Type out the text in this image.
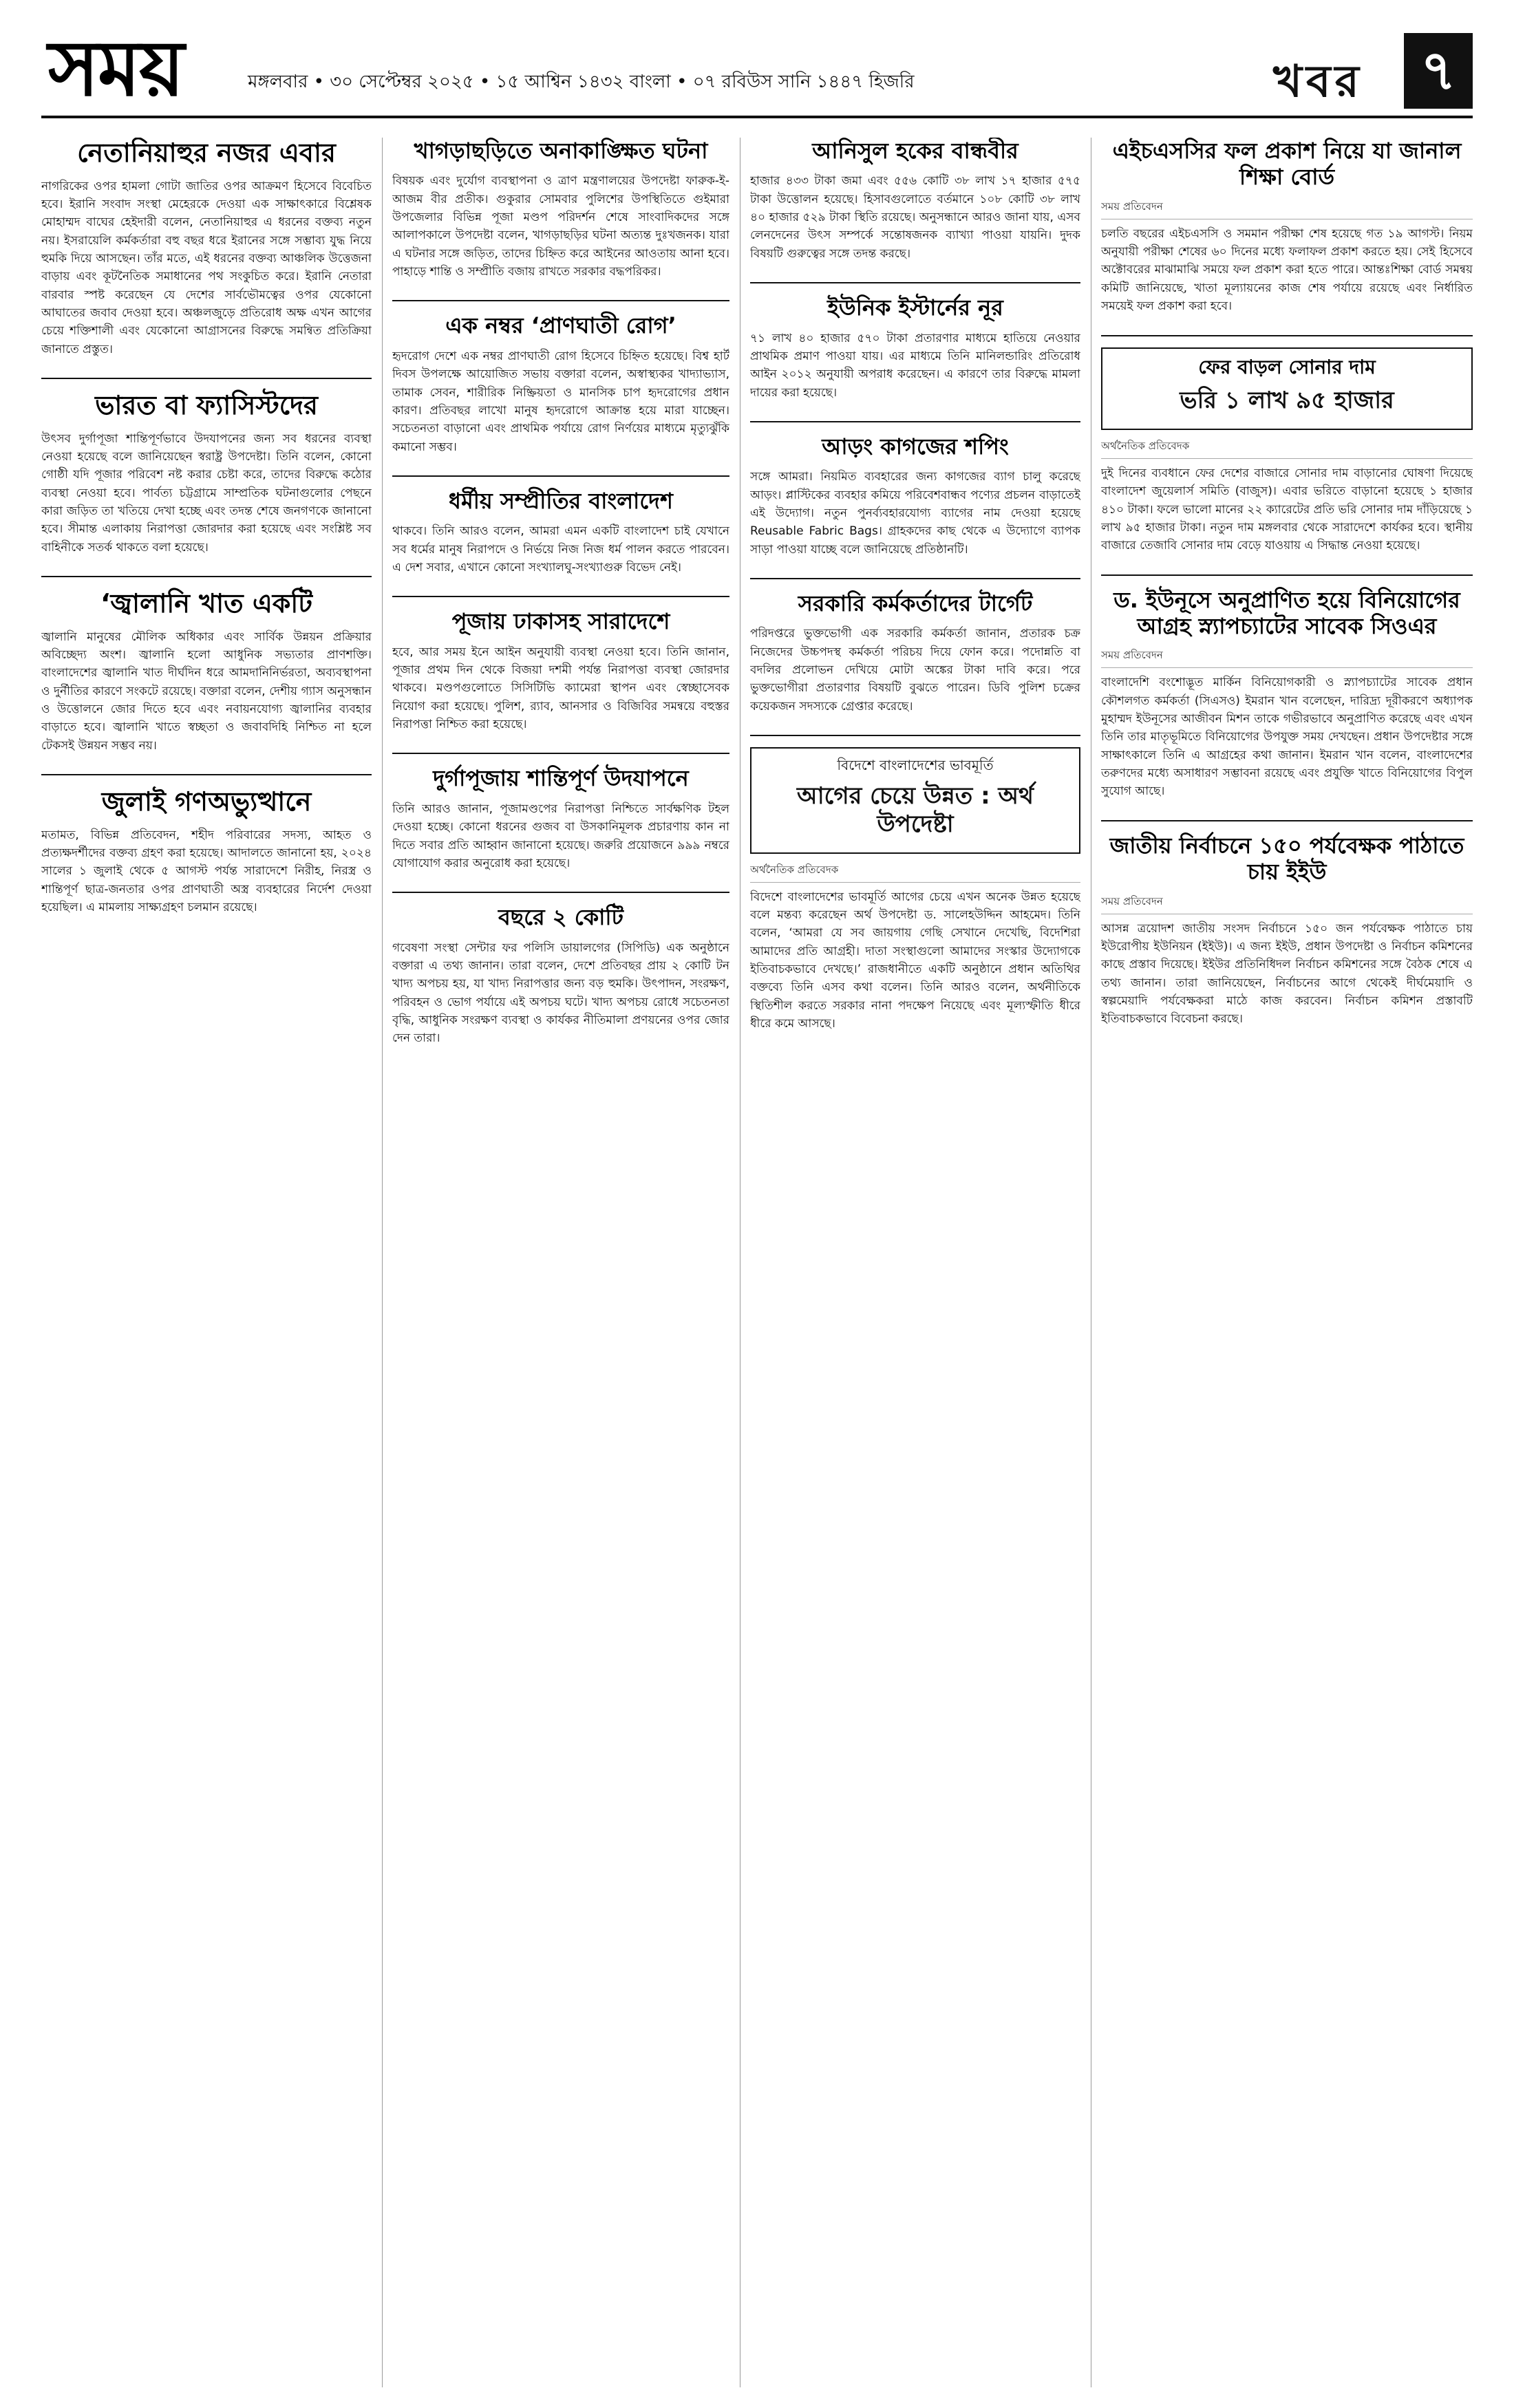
সময়	মঙ্গলবার • ৩০ সেপ্টেম্বর ২০২৫ • ১৫ আশ্বিন ১৪৩২ বাংলা • ০৭ রবিউস সানি ১৪৪৭ হিজরি	খবর ৭
নেতানিয়াহুর নজর এবার

নাগরিকের ওপর হামলা গোটা জাতির ওপর আক্রমণ হিসেবে বিবেচিত হবে। ইরানি সংবাদ সংস্থা মেহেরকে দেওয়া এক সাক্ষাৎকারে বিশ্লেষক মোহাম্মদ বাঘের হেইদারী বলেন, নেতানিয়াহুর এ ধরনের বক্তব্য নতুন নয়। ইসরায়েলি কর্মকর্তারা বহু বছর ধরে ইরানের সঙ্গে সম্ভাব্য যুদ্ধ নিয়ে হুমকি দিয়ে আসছেন। তাঁর মতে, এই ধরনের বক্তব্য আঞ্চলিক উত্তেজনা বাড়ায় এবং কূটনৈতিক সমাধানের পথ সংকুচিত করে। ইরানি নেতারা বারবার স্পষ্ট করেছেন যে দেশের সার্বভৌমত্বের ওপর যেকোনো আঘাতের জবাব দেওয়া হবে। অঞ্চলজুড়ে প্রতিরোধ অক্ষ এখন আগের চেয়ে শক্তিশালী এবং যেকোনো আগ্রাসনের বিরুদ্ধে সমন্বিত প্রতিক্রিয়া জানাতে প্রস্তুত।

ভারত বা ফ্যাসিস্টদের

উৎসব দুর্গাপূজা শান্তিপূর্ণভাবে উদযাপনের জন্য সব ধরনের ব্যবস্থা নেওয়া হয়েছে বলে জানিয়েছেন স্বরাষ্ট্র উপদেষ্টা। তিনি বলেন, কোনো গোষ্ঠী যদি পূজার পরিবেশ নষ্ট করার চেষ্টা করে, তাদের বিরুদ্ধে কঠোর ব্যবস্থা নেওয়া হবে। পার্বত্য চট্টগ্রামে সাম্প্রতিক ঘটনাগুলোর পেছনে কারা জড়িত তা খতিয়ে দেখা হচ্ছে এবং তদন্ত শেষে জনগণকে জানানো হবে। সীমান্ত এলাকায় নিরাপত্তা জোরদার করা হয়েছে এবং সংশ্লিষ্ট সব বাহিনীকে সতর্ক থাকতে বলা হয়েছে।

‘জ্বালানি খাত একটি

জ্বালানি মানুষের মৌলিক অধিকার এবং সার্বিক উন্নয়ন প্রক্রিয়ার অবিচ্ছেদ্য অংশ। জ্বালানি হলো আধুনিক সভ্যতার প্রাণশক্তি। বাংলাদেশের জ্বালানি খাত দীর্ঘদিন ধরে আমদানিনির্ভরতা, অব্যবস্থাপনা ও দুর্নীতির কারণে সংকটে রয়েছে। বক্তারা বলেন, দেশীয় গ্যাস অনুসন্ধান ও উত্তোলনে জোর দিতে হবে এবং নবায়নযোগ্য জ্বালানির ব্যবহার বাড়াতে হবে। জ্বালানি খাতে স্বচ্ছতা ও জবাবদিহি নিশ্চিত না হলে টেকসই উন্নয়ন সম্ভব নয়।

জুলাই গণঅভ্যুত্থানে

মতামত, বিভিন্ন প্রতিবেদন, শহীদ পরিবারের সদস্য, আহত ও প্রত্যক্ষদর্শীদের বক্তব্য গ্রহণ করা হয়েছে। আদালতে জানানো হয়, ২০২৪ সালের ১ জুলাই থেকে ৫ আগস্ট পর্যন্ত সারাদেশে নিরীহ, নিরস্ত্র ও শান্তিপূর্ণ ছাত্র-জনতার ওপর প্রাণঘাতী অস্ত্র ব্যবহারের নির্দেশ দেওয়া হয়েছিল। এ মামলায় সাক্ষ্যগ্রহণ চলমান রয়েছে।

খাগড়াছড়িতে অনাকাঙ্ক্ষিত ঘটনা

বিষয়ক এবং দুর্যোগ ব্যবস্থাপনা ও ত্রাণ মন্ত্রণালয়ের উপদেষ্টা ফারুক-ই-আজম বীর প্রতীক। গুকুরার সোমবার পুলিশের উপস্থিতিতে গুইমারা উপজেলার বিভিন্ন পূজা মণ্ডপ পরিদর্শন শেষে সাংবাদিকদের সঙ্গে আলাপকালে উপদেষ্টা বলেন, খাগড়াছড়ির ঘটনা অত্যন্ত দুঃখজনক। যারা এ ঘটনার সঙ্গে জড়িত, তাদের চিহ্নিত করে আইনের আওতায় আনা হবে। পাহাড়ে শান্তি ও সম্প্রীতি বজায় রাখতে সরকার বদ্ধপরিকর।

এক নম্বর ‘প্রাণঘাতী রোগ’

হৃদরোগ দেশে এক নম্বর প্রাণঘাতী রোগ হিসেবে চিহ্নিত হয়েছে। বিশ্ব হার্ট দিবস উপলক্ষে আয়োজিত সভায় বক্তারা বলেন, অস্বাস্থ্যকর খাদ্যাভ্যাস, তামাক সেবন, শারীরিক নিষ্ক্রিয়তা ও মানসিক চাপ হৃদরোগের প্রধান কারণ। প্রতিবছর লাখো মানুষ হৃদরোগে আক্রান্ত হয়ে মারা যাচ্ছেন। সচেতনতা বাড়ানো এবং প্রাথমিক পর্যায়ে রোগ নির্ণয়ের মাধ্যমে মৃত্যুঝুঁকি কমানো সম্ভব।

ধর্মীয় সম্প্রীতির বাংলাদেশ

থাকবে। তিনি আরও বলেন, আমরা এমন একটি বাংলাদেশ চাই যেখানে সব ধর্মের মানুষ নিরাপদে ও নির্ভয়ে নিজ নিজ ধর্ম পালন করতে পারবেন। এ দেশ সবার, এখানে কোনো সংখ্যালঘু-সংখ্যাগুরু বিভেদ নেই।

পূজায় ঢাকাসহ সারাদেশে

হবে, আর সময় ইনে আইন অনুযায়ী ব্যবস্থা নেওয়া হবে। তিনি জানান, পূজার প্রথম দিন থেকে বিজয়া দশমী পর্যন্ত নিরাপত্তা ব্যবস্থা জোরদার থাকবে। মণ্ডপগুলোতে সিসিটিভি ক্যামেরা স্থাপন এবং স্বেচ্ছাসেবক নিয়োগ করা হয়েছে। পুলিশ, র‍্যাব, আনসার ও বিজিবির সমন্বয়ে বহুস্তর নিরাপত্তা নিশ্চিত করা হয়েছে।

দুর্গাপূজায় শান্তিপূর্ণ উদযাপনে

তিনি আরও জানান, পূজামণ্ডপের নিরাপত্তা নিশ্চিতে সার্বক্ষণিক টহল দেওয়া হচ্ছে। কোনো ধরনের গুজব বা উসকানিমূলক প্রচারণায় কান না দিতে সবার প্রতি আহ্বান জানানো হয়েছে। জরুরি প্রয়োজনে ৯৯৯ নম্বরে যোগাযোগ করার অনুরোধ করা হয়েছে।

বছরে ২ কোটি

গবেষণা সংস্থা সেন্টার ফর পলিসি ডায়ালগের (সিপিডি) এক অনুষ্ঠানে বক্তারা এ তথ্য জানান। তারা বলেন, দেশে প্রতিবছর প্রায় ২ কোটি টন খাদ্য অপচয় হয়, যা খাদ্য নিরাপত্তার জন্য বড় হুমকি। উৎপাদন, সংরক্ষণ, পরিবহন ও ভোগ পর্যায়ে এই অপচয় ঘটে। খাদ্য অপচয় রোধে সচেতনতা বৃদ্ধি, আধুনিক সংরক্ষণ ব্যবস্থা ও কার্যকর নীতিমালা প্রণয়নের ওপর জোর দেন তারা।

আনিসুল হকের বান্ধবীর

হাজার ৪৩৩ টাকা জমা এবং ৫৫৬ কোটি ৩৮ লাখ ১৭ হাজার ৫৭৫ টাকা উত্তোলন হয়েছে। হিসাবগুলোতে বর্তমানে ১০৮ কোটি ৩৮ লাখ ৪০ হাজার ৫২৯ টাকা স্থিতি রয়েছে। অনুসন্ধানে আরও জানা যায়, এসব লেনদেনের উৎস সম্পর্কে সন্তোষজনক ব্যাখ্যা পাওয়া যায়নি। দুদক বিষয়টি গুরুত্বের সঙ্গে তদন্ত করছে।

ইউনিক ইস্টার্নের নূর

৭১ লাখ ৪০ হাজার ৫৭০ টাকা প্রতারণার মাধ্যমে হাতিয়ে নেওয়ার প্রাথমিক প্রমাণ পাওয়া যায়। এর মাধ্যমে তিনি মানিলন্ডারিং প্রতিরোধ আইন ২০১২ অনুযায়ী অপরাধ করেছেন। এ কারণে তার বিরুদ্ধে মামলা দায়ের করা হয়েছে।

আড়ং কাগজের শপিং

সঙ্গে আমরা। নিয়মিত ব্যবহারের জন্য কাগজের ব্যাগ চালু করেছে আড়ং। প্লাস্টিকের ব্যবহার কমিয়ে পরিবেশবান্ধব পণ্যের প্রচলন বাড়াতেই এই উদ্যোগ। নতুন পুনর্ব্যবহারযোগ্য ব্যাগের নাম দেওয়া হয়েছে Reusable Fabric Bags। গ্রাহকদের কাছ থেকে এ উদ্যোগে ব্যাপক সাড়া পাওয়া যাচ্ছে বলে জানিয়েছে প্রতিষ্ঠানটি।

সরকারি কর্মকর্তাদের টার্গেট

পরিদপ্তরে ভুক্তভোগী এক সরকারি কর্মকর্তা জানান, প্রতারক চক্র নিজেদের উচ্চপদস্থ কর্মকর্তা পরিচয় দিয়ে ফোন করে। পদোন্নতি বা বদলির প্রলোভন দেখিয়ে মোটা অঙ্কের টাকা দাবি করে। পরে ভুক্তভোগীরা প্রতারণার বিষয়টি বুঝতে পারেন। ডিবি পুলিশ চক্রের কয়েকজন সদস্যকে গ্রেপ্তার করেছে।

বিদেশে বাংলাদেশের ভাবমূর্তি
আগের চেয়ে উন্নত : অর্থ উপদেষ্টা
অর্থনৈতিক প্রতিবেদক

বিদেশে বাংলাদেশের ভাবমূর্তি আগের চেয়ে এখন অনেক উন্নত হয়েছে বলে মন্তব্য করেছেন অর্থ উপদেষ্টা ড. সালেহউদ্দিন আহমেদ। তিনি বলেন, ‘আমরা যে সব জায়গায় গেছি সেখানে দেখেছি, বিদেশিরা আমাদের প্রতি আগ্রহী। দাতা সংস্থাগুলো আমাদের সংস্কার উদ্যোগকে ইতিবাচকভাবে দেখছে।’ রাজধানীতে একটি অনুষ্ঠানে প্রধান অতিথির বক্তব্যে তিনি এসব কথা বলেন। তিনি আরও বলেন, অর্থনীতিকে স্থিতিশীল করতে সরকার নানা পদক্ষেপ নিয়েছে এবং মূল্যস্ফীতি ধীরে ধীরে কমে আসছে।

এইচএসসির ফল প্রকাশ নিয়ে যা জানাল শিক্ষা বোর্ড
সময় প্রতিবেদন

চলতি বছরের এইচএসসি ও সমমান পরীক্ষা শেষ হয়েছে গত ১৯ আগস্ট। নিয়ম অনুযায়ী পরীক্ষা শেষের ৬০ দিনের মধ্যে ফলাফল প্রকাশ করতে হয়। সেই হিসেবে অক্টোবরের মাঝামাঝি সময়ে ফল প্রকাশ করা হতে পারে। আন্তঃশিক্ষা বোর্ড সমন্বয় কমিটি জানিয়েছে, খাতা মূল্যায়নের কাজ শেষ পর্যায়ে রয়েছে এবং নির্ধারিত সময়েই ফল প্রকাশ করা হবে।

ফের বাড়ল সোনার দাম
ভরি ১ লাখ ৯৫ হাজার
অর্থনৈতিক প্রতিবেদক

দুই দিনের ব্যবধানে ফের দেশের বাজারে সোনার দাম বাড়ানোর ঘোষণা দিয়েছে বাংলাদেশ জুয়েলার্স সমিতি (বাজুস)। এবার ভরিতে বাড়ানো হয়েছে ১ হাজার ৪১০ টাকা। ফলে ভালো মানের ২২ ক্যারেটের প্রতি ভরি সোনার দাম দাঁড়িয়েছে ১ লাখ ৯৫ হাজার টাকা। নতুন দাম মঙ্গলবার থেকে সারাদেশে কার্যকর হবে। স্থানীয় বাজারে তেজাবি সোনার দাম বেড়ে যাওয়ায় এ সিদ্ধান্ত নেওয়া হয়েছে।

ড. ইউনূসে অনুপ্রাণিত হয়ে বিনিয়োগের আগ্রহ স্ন্যাপচ্যাটের সাবেক সিওএর
সময় প্রতিবেদন

বাংলাদেশি বংশোদ্ভূত মার্কিন বিনিয়োগকারী ও স্ন্যাপচ্যাটের সাবেক প্রধান কৌশলগত কর্মকর্তা (সিএসও) ইমরান খান বলেছেন, দারিদ্র্য দূরীকরণে অধ্যাপক মুহাম্মদ ইউনূসের আজীবন মিশন তাকে গভীরভাবে অনুপ্রাণিত করেছে এবং এখন তিনি তার মাতৃভূমিতে বিনিয়োগের উপযুক্ত সময় দেখছেন। প্রধান উপদেষ্টার সঙ্গে সাক্ষাৎকালে তিনি এ আগ্রহের কথা জানান। ইমরান খান বলেন, বাংলাদেশের তরুণদের মধ্যে অসাধারণ সম্ভাবনা রয়েছে এবং প্রযুক্তি খাতে বিনিয়োগের বিপুল সুযোগ আছে।

জাতীয় নির্বাচনে ১৫০ পর্যবেক্ষক পাঠাতে চায় ইইউ
সময় প্রতিবেদন

আসন্ন ত্রয়োদশ জাতীয় সংসদ নির্বাচনে ১৫০ জন পর্যবেক্ষক পাঠাতে চায় ইউরোপীয় ইউনিয়ন (ইইউ)। এ জন্য ইইউ, প্রধান উপদেষ্টা ও নির্বাচন কমিশনের কাছে প্রস্তাব দিয়েছে। ইইউর প্রতিনিধিদল নির্বাচন কমিশনের সঙ্গে বৈঠক শেষে এ তথ্য জানান। তারা জানিয়েছেন, নির্বাচনের আগে থেকেই দীর্ঘমেয়াদি ও স্বল্পমেয়াদি পর্যবেক্ষকরা মাঠে কাজ করবেন। নির্বাচন কমিশন প্রস্তাবটি ইতিবাচকভাবে বিবেচনা করছে।
